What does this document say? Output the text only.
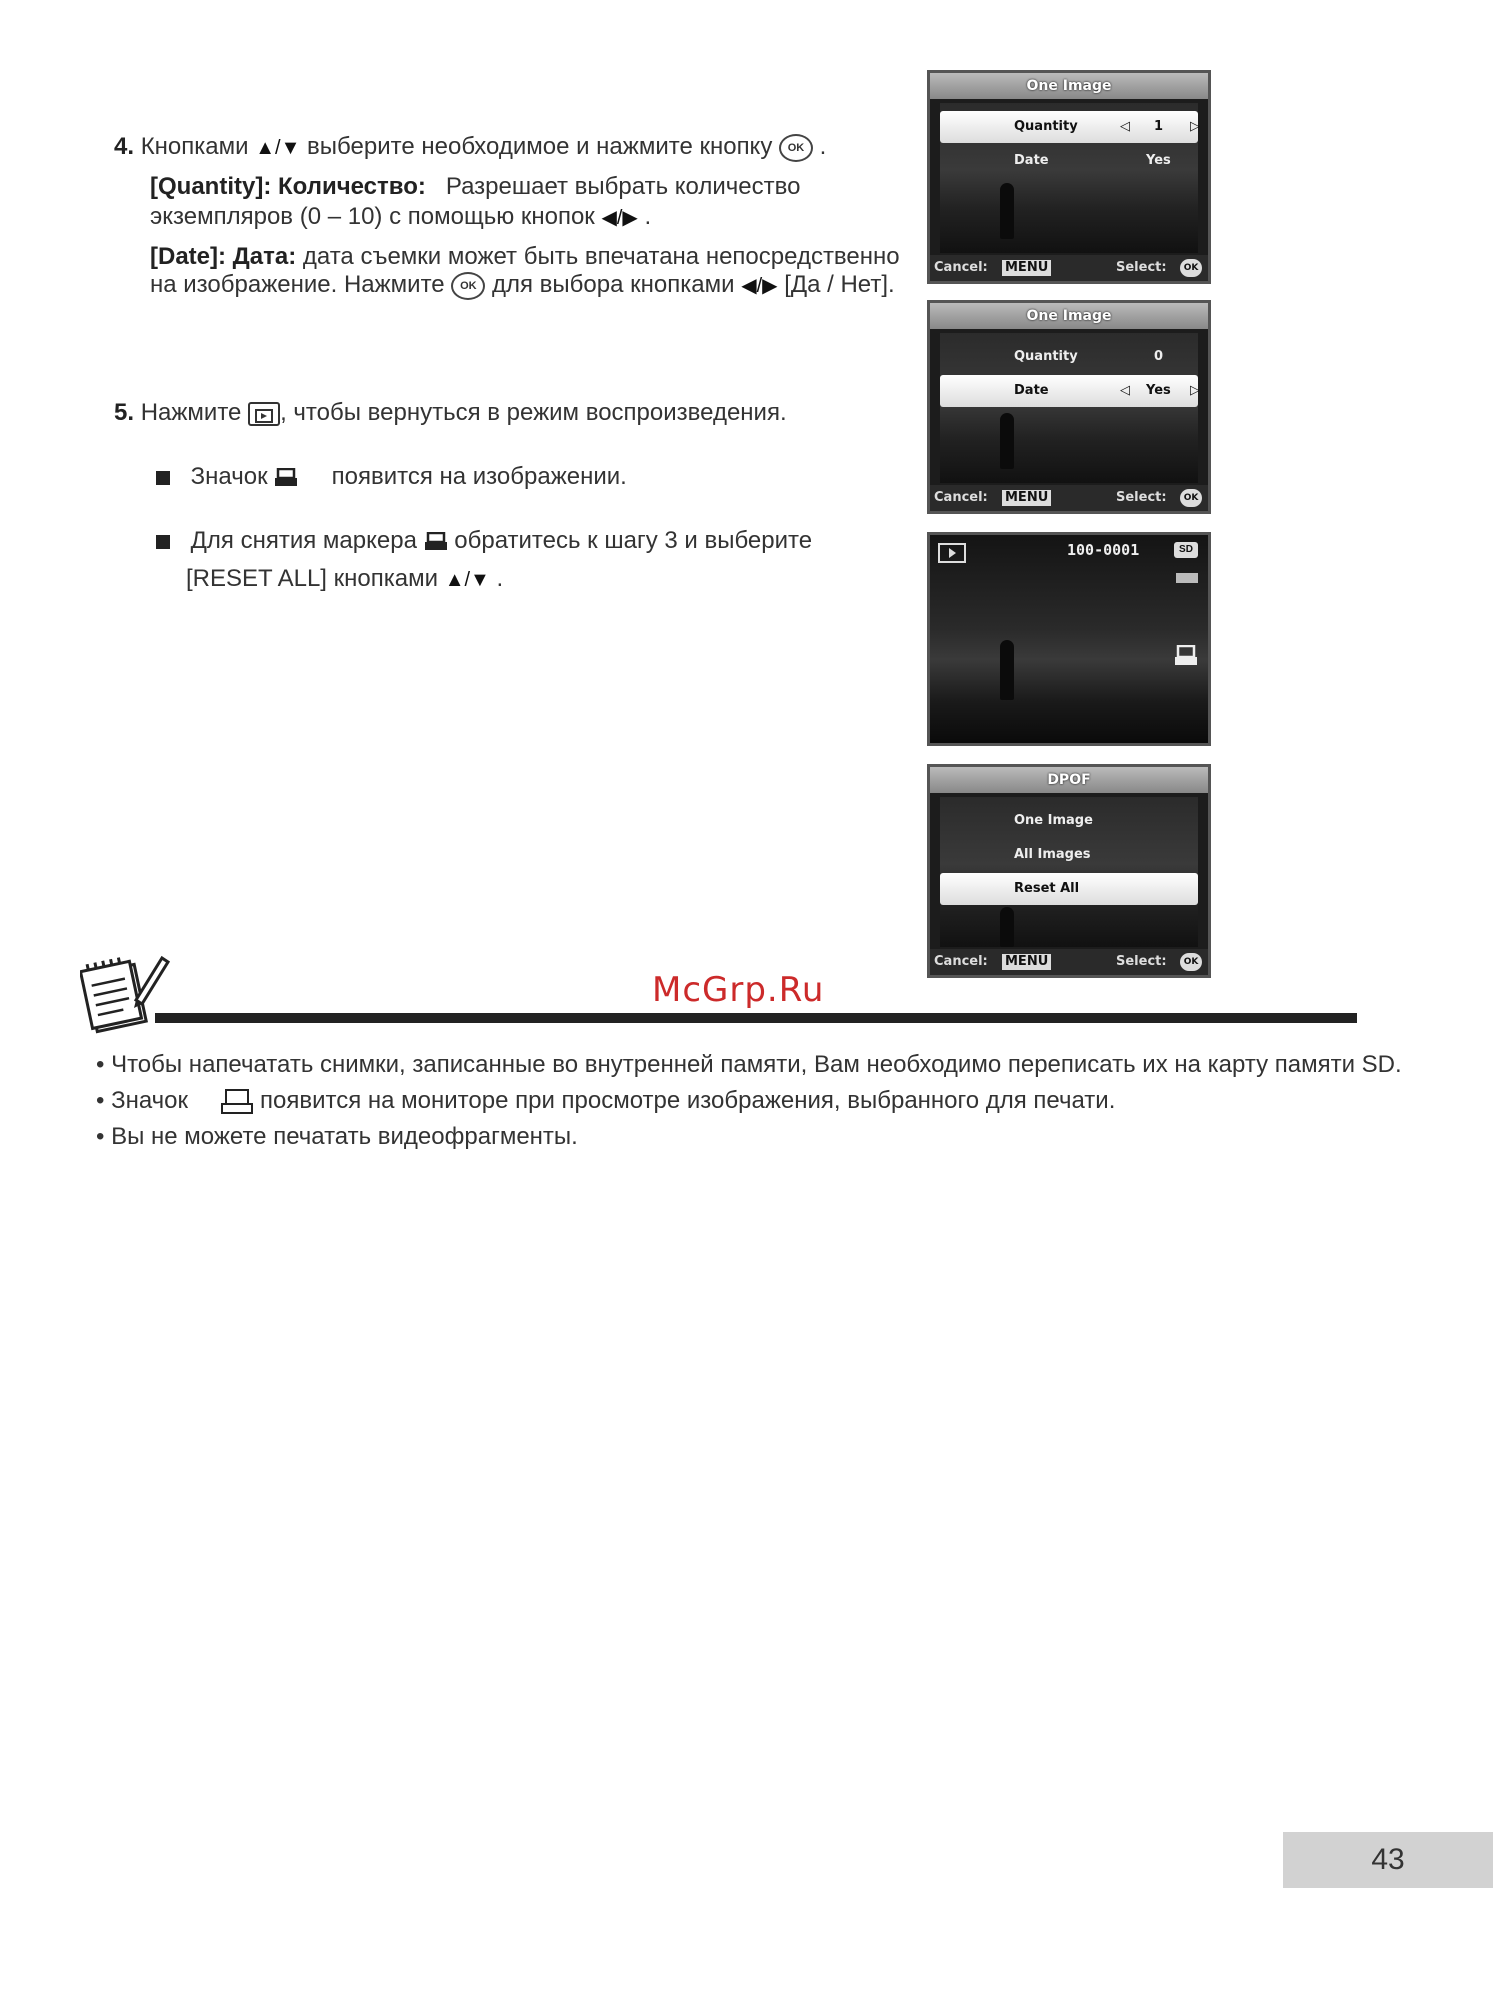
4. Кнопками ▲/▼ выберите необходимое и нажмите кнопку OK .
[Quantity]: Количество: Разрешает выбрать количество
экземпляров (0 – 10) с помощью кнопок ◀/▶ .
[Date]: Дата: дата съемки может быть впечатана непосредственно
на изображение. Нажмите OK для выбора кнопками ◀/▶ [Да / Нет].
5. Нажмите , чтобы вернуться в режим воспроизведения.
Значок	появится на изображении.
Для снятия маркера обратитесь к шагу 3 и выберите
[RESET ALL] кнопками ▲/▼ .
One Image
Quantity	◁ 1 ▷
Date	Yes
Cancel: MENU	Select:	OK
One Image
Quantity	0
Date	◁ Yes ▷
Cancel: MENU	Select:	OK
100-0001	SD
DPOF
One Image
All Images
Reset All
Cancel: MENU	Select:	OK
McGrp.Ru
• Чтобы напечатать снимки, записанные во внутренней памяти, Вам необходимо переписать их на карту памяти SD.
• Значок	появится на мониторе при просмотре изображения, выбранного для печати.
• Вы не можете печатать видеофрагменты.
43
